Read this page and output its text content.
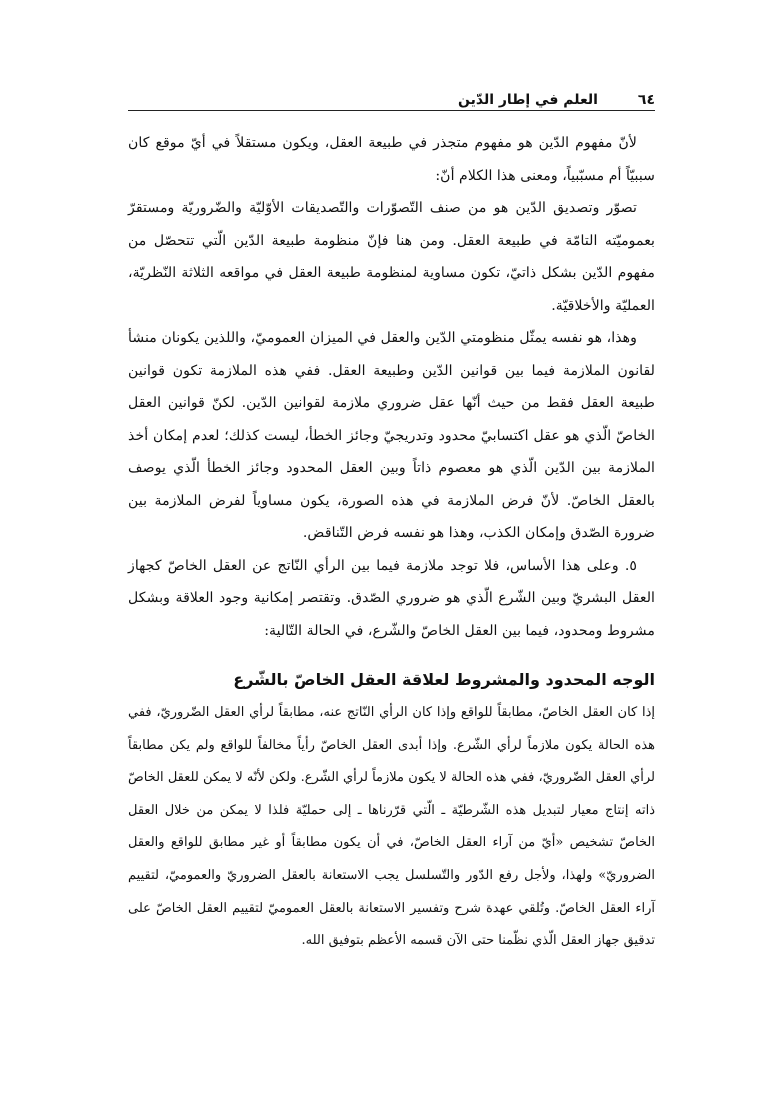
٦٤
العلم في إطار الدّين

لأنّ مفهوم الدّين هو مفهوم متجذر في طبيعة العقل، ويكون مستقلاً في أيّ موقع كان سببيّاً أم مسبّبياً، ومعنى هذا الكلام أنّ:

تصوّر وتصديق الدّين هو من صنف التّصوّرات والتّصديقات الأوّليّة والضّروريّة ومستقرّ بعموميّته التامّة في طبيعة العقل. ومن هنا فإنّ منظومة طبيعة الدّين الّتي تتحصّل من مفهوم الدّين بشكل ذاتيّ، تكون مساوية لمنظومة طبيعة العقل في مواقعه الثلاثة النّظريّة، العمليّة والأخلاقيّة.

وهذا، هو نفسه يمثّل منظومتي الدّين والعقل في الميزان العموميّ، واللذين يكونان منشأ لقانون الملازمة فيما بين قوانين الدّين وطبيعة العقل. ففي هذه الملازمة تكون قوانين طبيعة العقل فقط من حيث أنّها عقل ضروري ملازمة لقوانين الدّين. لكنّ قوانين العقل الخاصّ الّذي هو عقل اكتسابيّ محدود وتدريجيّ وجائز الخطأ، ليست كذلك؛ لعدم إمكان أخذ الملازمة بين الدّين الّذي هو معصوم ذاتاً وبين العقل المحدود وجائز الخطأ الّذي يوصف بالعقل الخاصّ. لأنّ فرض الملازمة في هذه الصورة، يكون مساوياً لفرض الملازمة بين ضرورة الصّدق وإمكان الكذب، وهذا هو نفسه فرض التّناقض.

٥. وعلى هذا الأساس، فلا توجد ملازمة فيما بين الرأي النّاتج عن العقل الخاصّ كجهاز العقل البشريّ وبين الشّرع الّذي هو ضروري الصّدق. وتقتصر إمكانية وجود العلاقة وبشكل مشروط ومحدود، فيما بين العقل الخاصّ والشّرع، في الحالة التّالية:

الوجه المحدود والمشروط لعلاقة العقل الخاصّ بالشّرع

إذا كان العقل الخاصّ، مطابقاً للواقع وإذا كان الرأي النّاتج عنه، مطابقاً لرأي العقل الضّروريّ، ففي هذه الحالة يكون ملازماً لرأي الشّرع. وإذا أبدى العقل الخاصّ رأياً مخالفاً للواقع ولم يكن مطابقاً لرأي العقل الضّروريّ، ففي هذه الحالة لا يكون ملازماً لرأي الشّرع. ولكن لأنّه لا يمكن للعقل الخاصّ ذاته إنتاج معيار لتبديل هذه الشّرطيّة ـ الّتي قرّرناها ـ إلى حمليّة فلذا لا يمكن من خلال العقل الخاصّ تشخيص «أيّ من آراء العقل الخاصّ، في أن يكون مطابقاً أو غير مطابق للواقع والعقل الضروريّ» ولهذا، ولأجل رفع الدّور والتّسلسل يجب الاستعانة بالعقل الضروريّ والعموميّ، لتقييم آراء العقل الخاصّ. وتُلقي عهدة شرح وتفسير الاستعانة بالعقل العموميّ لتقييم العقل الخاصّ على تدقيق جهاز العقل الّذي نظّمنا حتى الآن قسمه الأعظم بتوفيق الله.
